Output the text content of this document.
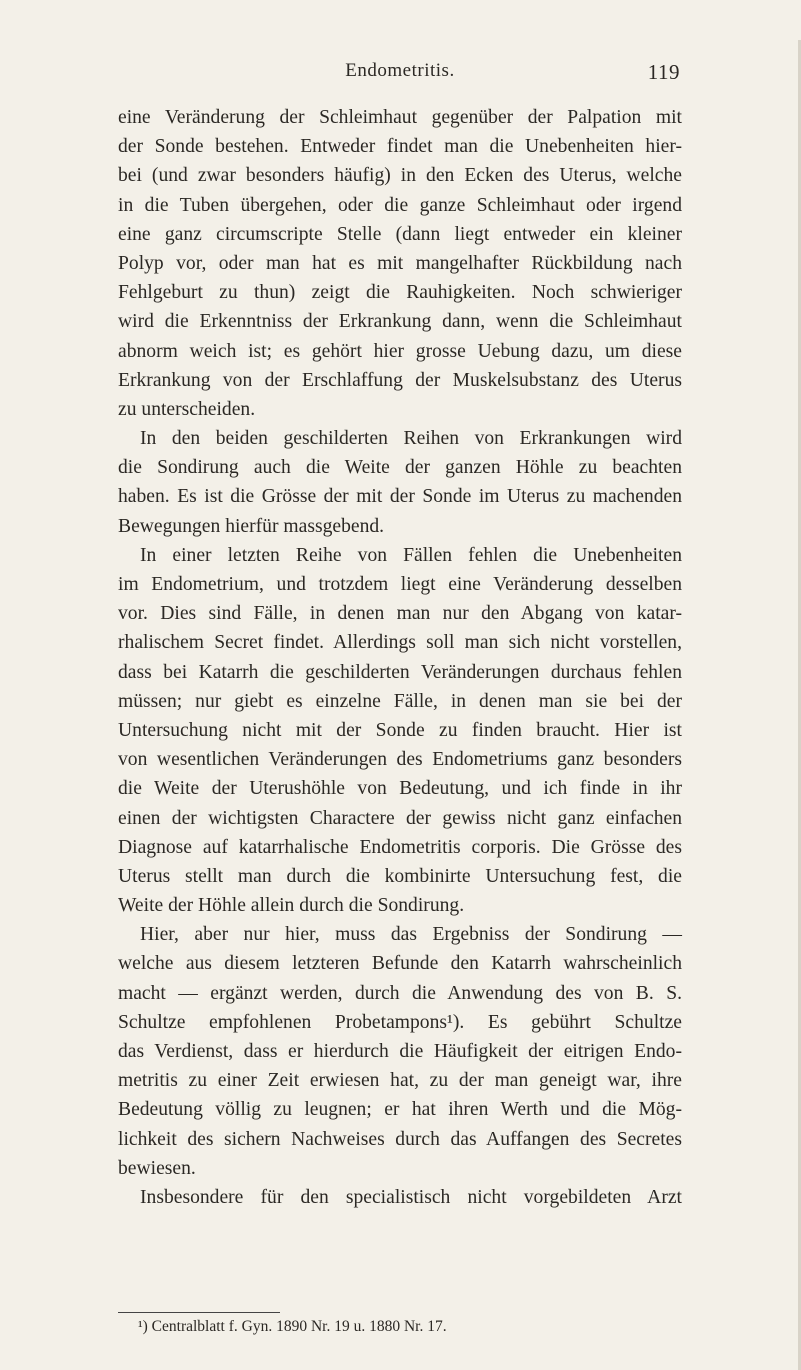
Endometritis.	119
eine Veränderung der Schleimhaut gegenüber der Palpation mit
der Sonde bestehen. Entweder findet man die Unebenheiten hier-
bei (und zwar besonders häufig) in den Ecken des Uterus, welche
in die Tuben übergehen, oder die ganze Schleimhaut oder irgend
eine ganz circumscripte Stelle (dann liegt entweder ein kleiner
Polyp vor, oder man hat es mit mangelhafter Rückbildung nach
Fehlgeburt zu thun) zeigt die Rauhigkeiten. Noch schwieriger
wird die Erkenntniss der Erkrankung dann, wenn die Schleimhaut
abnorm weich ist; es gehört hier grosse Uebung dazu, um diese
Erkrankung von der Erschlaffung der Muskelsubstanz des Uterus
zu unterscheiden.
In den beiden geschilderten Reihen von Erkrankungen wird
die Sondirung auch die Weite der ganzen Höhle zu beachten
haben. Es ist die Grösse der mit der Sonde im Uterus zu machenden
Bewegungen hierfür massgebend.
In einer letzten Reihe von Fällen fehlen die Unebenheiten
im Endometrium, und trotzdem liegt eine Veränderung desselben
vor. Dies sind Fälle, in denen man nur den Abgang von katar-
rhalischem Secret findet. Allerdings soll man sich nicht vorstellen,
dass bei Katarrh die geschilderten Veränderungen durchaus fehlen
müssen; nur giebt es einzelne Fälle, in denen man sie bei der
Untersuchung nicht mit der Sonde zu finden braucht. Hier ist
von wesentlichen Veränderungen des Endometriums ganz besonders
die Weite der Uterushöhle von Bedeutung, und ich finde in ihr
einen der wichtigsten Charactere der gewiss nicht ganz einfachen
Diagnose auf katarrhalische Endometritis corporis. Die Grösse des
Uterus stellt man durch die kombinirte Untersuchung fest, die
Weite der Höhle allein durch die Sondirung.
Hier, aber nur hier, muss das Ergebniss der Sondirung —
welche aus diesem letzteren Befunde den Katarrh wahrscheinlich
macht — ergänzt werden, durch die Anwendung des von B. S.
Schultze empfohlenen Probetampons¹). Es gebührt Schultze
das Verdienst, dass er hierdurch die Häufigkeit der eitrigen Endo-
metritis zu einer Zeit erwiesen hat, zu der man geneigt war, ihre
Bedeutung völlig zu leugnen; er hat ihren Werth und die Mög-
lichkeit des sichern Nachweises durch das Auffangen des Secretes
bewiesen.
Insbesondere für den specialistisch nicht vorgebildeten Arzt
¹) Centralblatt f. Gyn. 1890 Nr. 19 u. 1880 Nr. 17.
